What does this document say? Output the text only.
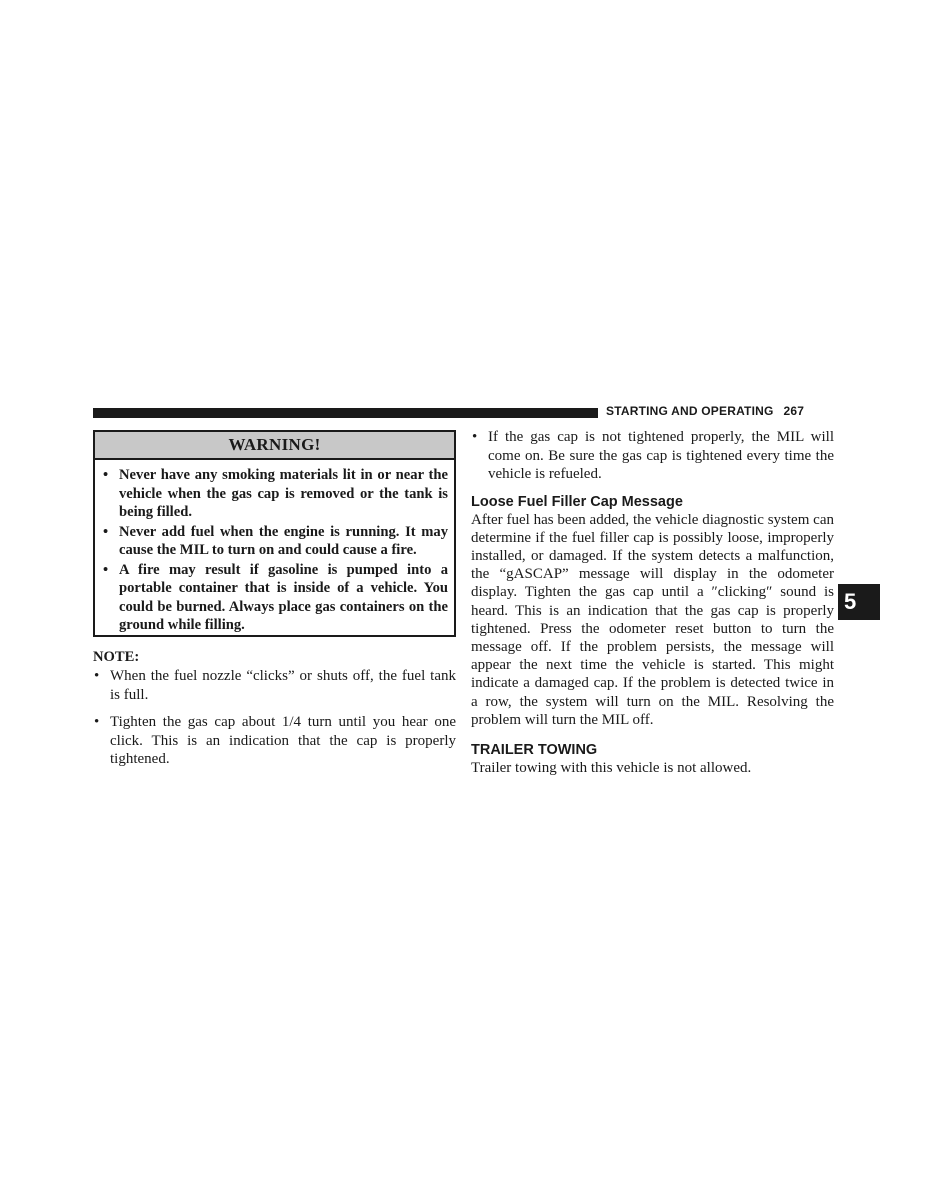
STARTING AND OPERATING 267
5
WARNING!
• Never have any smoking materials lit in or near the vehicle when the gas cap is removed or the tank is being filled.
• Never add fuel when the engine is running. It may cause the MIL to turn on and could cause a fire.
• A fire may result if gasoline is pumped into a portable container that is inside of a vehicle. You could be burned. Always place gas containers on the ground while filling.
NOTE:
• When the fuel nozzle “clicks” or shuts off, the fuel tank is full.
• Tighten the gas cap about 1/4 turn until you hear one click. This is an indication that the cap is properly tightened.
• If the gas cap is not tightened properly, the MIL will come on. Be sure the gas cap is tightened every time the vehicle is refueled.
Loose Fuel Filler Cap Message

After fuel has been added, the vehicle diagnostic system can determine if the fuel filler cap is possibly loose, improperly installed, or damaged. If the system detects a malfunction, the “gASCAP” message will display in the odometer display. Tighten the gas cap until a ″clicking″ sound is heard. This is an indication that the gas cap is properly tightened. Press the odometer reset button to turn the message off. If the problem persists, the message will appear the next time the vehicle is started. This might indicate a damaged cap. If the problem is detected twice in a row, the system will turn on the MIL. Resolving the problem will turn the MIL off.

TRAILER TOWING

Trailer towing with this vehicle is not allowed.
